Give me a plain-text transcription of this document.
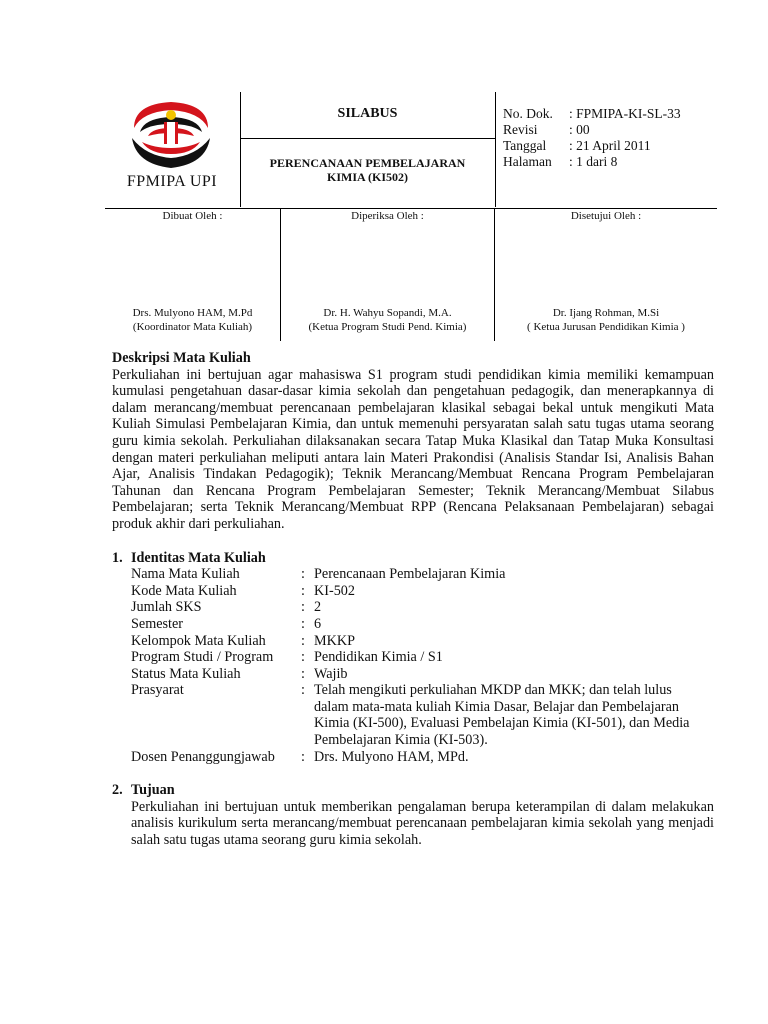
FPMIPA UPI
SILABUS
PERENCANAAN PEMBELAJARAN KIMIA (KI502)
No. Dok.	: FPMIPA-KI-SL-33
Revisi	: 00
Tanggal	: 21 April 2011
Halaman	: 1 dari 8
Dibuat Oleh :
Drs. Mulyono HAM, M.Pd
(Koordinator Mata Kuliah)
Diperiksa Oleh :
Dr. H. Wahyu Sopandi, M.A.
(Ketua Program Studi Pend. Kimia)
Disetujui Oleh :
Dr. Ijang Rohman, M.Si
( Ketua Jurusan Pendidikan Kimia )
Deskripsi Mata Kuliah
Perkuliahan ini bertujuan agar mahasiswa S1 program studi pendidikan kimia memiliki kemampuan kumulasi pengetahuan dasar-dasar kimia sekolah dan pengetahuan pedagogik, dan menerapkannya di dalam merancang/membuat perencanaan pembelajaran klasikal sebagai bekal untuk mengikuti Mata Kuliah Simulasi Pembelajaran Kimia, dan untuk memenuhi persyaratan salah satu tugas utama seorang guru kimia sekolah. Perkuliahan dilaksanakan secara Tatap Muka Klasikal dan Tatap Muka Konsultasi dengan materi perkuliahan meliputi antara lain Materi Prakondisi (Analisis Standar Isi, Analisis Bahan Ajar, Analisis Tindakan Pedagogik); Teknik Merancang/Membuat Rencana Program Pembelajaran Tahunan dan Rencana Program Pembelajaran Semester; Teknik Merancang/Membuat Silabus Pembelajaran; serta Teknik Merancang/Membuat RPP (Rencana Pelaksanaan Pembelajaran) sebagai produk akhir dari perkuliahan.
1. Identitas Mata Kuliah
Nama Mata Kuliah	: Perencanaan Pembelajaran Kimia
Kode Mata Kuliah	: KI-502
Jumlah SKS	: 2
Semester	: 6
Kelompok Mata Kuliah	: MKKP
Program Studi / Program	: Pendidikan Kimia / S1
Status Mata Kuliah	: Wajib
Prasyarat	: Telah mengikuti perkuliahan MKDP dan MKK; dan telah lulus dalam mata-mata kuliah Kimia Dasar, Belajar dan Pembelajaran Kimia (KI-500), Evaluasi Pembelajan Kimia (KI-501), dan Media Pembelajaran Kimia (KI-503).
Dosen Penanggungjawab	: Drs. Mulyono HAM, MPd.
2. Tujuan
Perkuliahan ini bertujuan untuk memberikan pengalaman berupa keterampilan di dalam melakukan analisis kurikulum serta merancang/membuat perencanaan pembelajaran kimia sekolah yang menjadi salah satu tugas utama seorang guru kimia sekolah.
